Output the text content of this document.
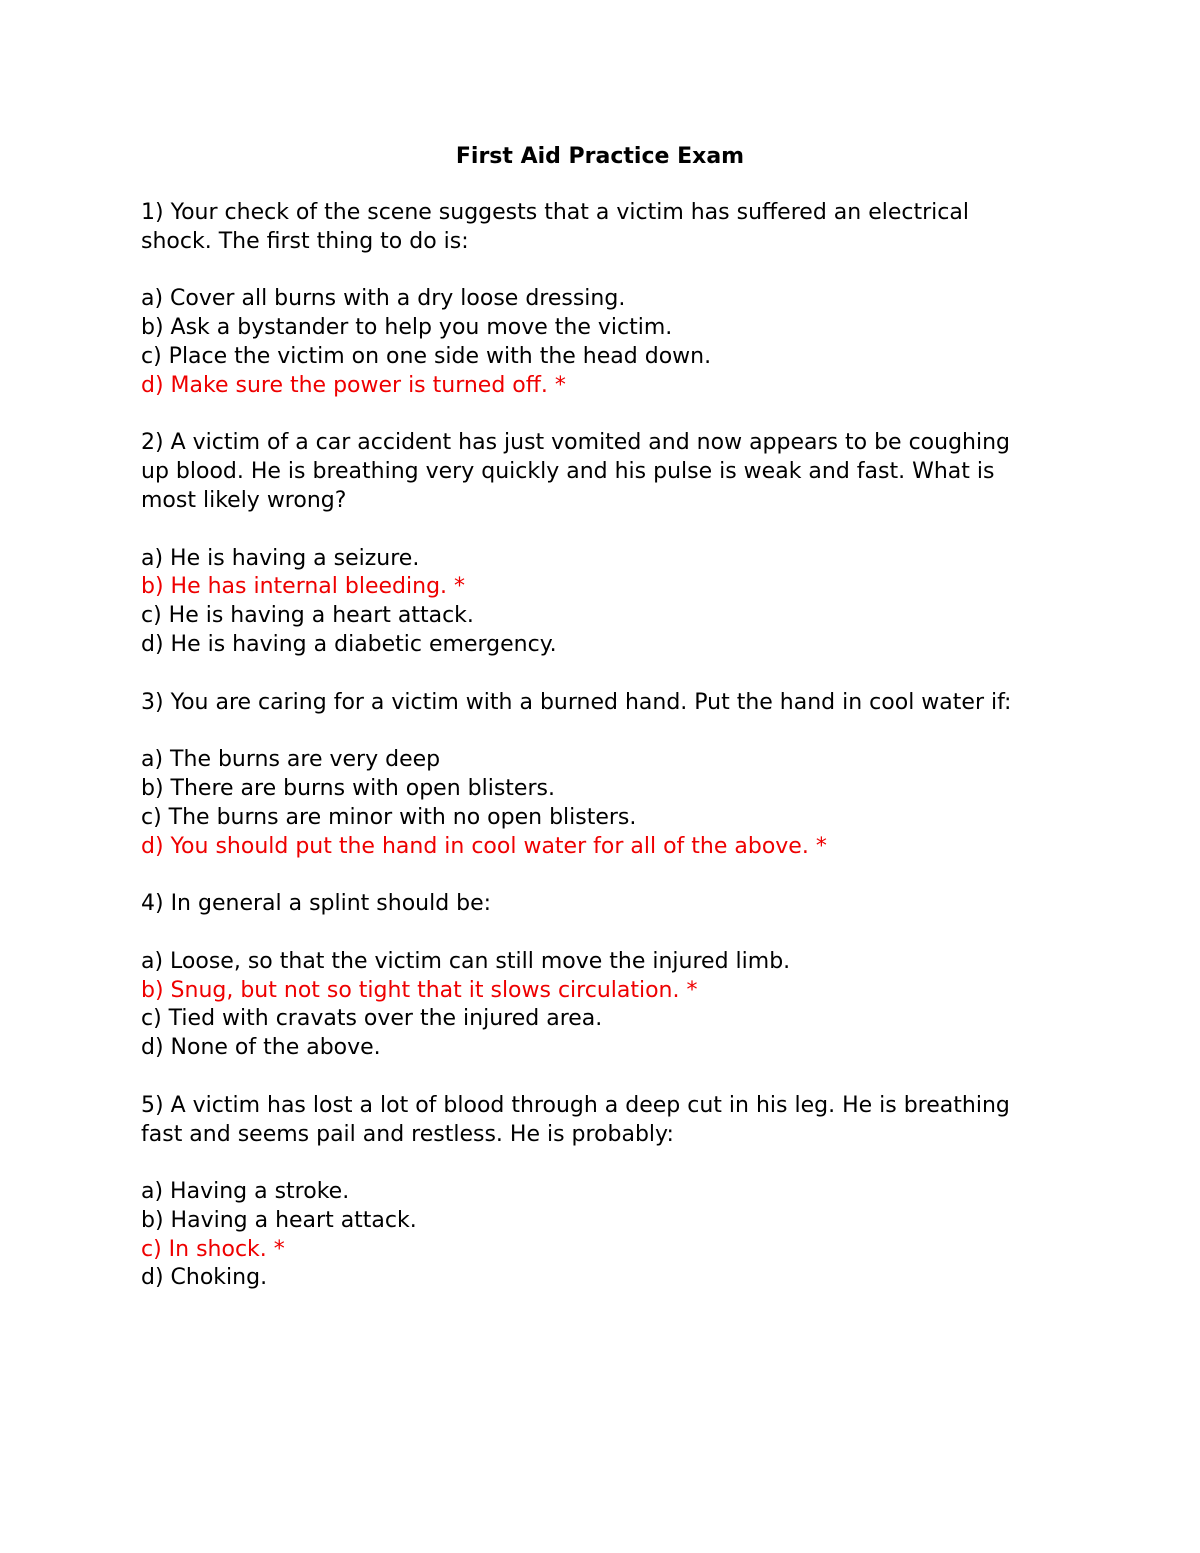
First Aid Practice Exam
1) Your check of the scene suggests that a victim has suffered an electrical shock. The first thing to do is:
a) Cover all burns with a dry loose dressing.
b) Ask a bystander to help you move the victim.
c) Place the victim on one side with the head down.
d) Make sure the power is turned off. *
2) A victim of a car accident has just vomited and now appears to be coughing up blood. He is breathing very quickly and his pulse is weak and fast. What is most likely wrong?
a) He is having a seizure.
b) He has internal bleeding. *
c) He is having a heart attack.
d) He is having a diabetic emergency.
3) You are caring for a victim with a burned hand. Put the hand in cool water if:
a) The burns are very deep
b) There are burns with open blisters.
c) The burns are minor with no open blisters.
d) You should put the hand in cool water for all of the above. *
4) In general a splint should be:
a) Loose, so that the victim can still move the injured limb.
b) Snug, but not so tight that it slows circulation. *
c) Tied with cravats over the injured area.
d) None of the above.
5) A victim has lost a lot of blood through a deep cut in his leg. He is breathing fast and seems pail and restless. He is probably:
a) Having a stroke.
b) Having a heart attack.
c) In shock. *
d) Choking.
